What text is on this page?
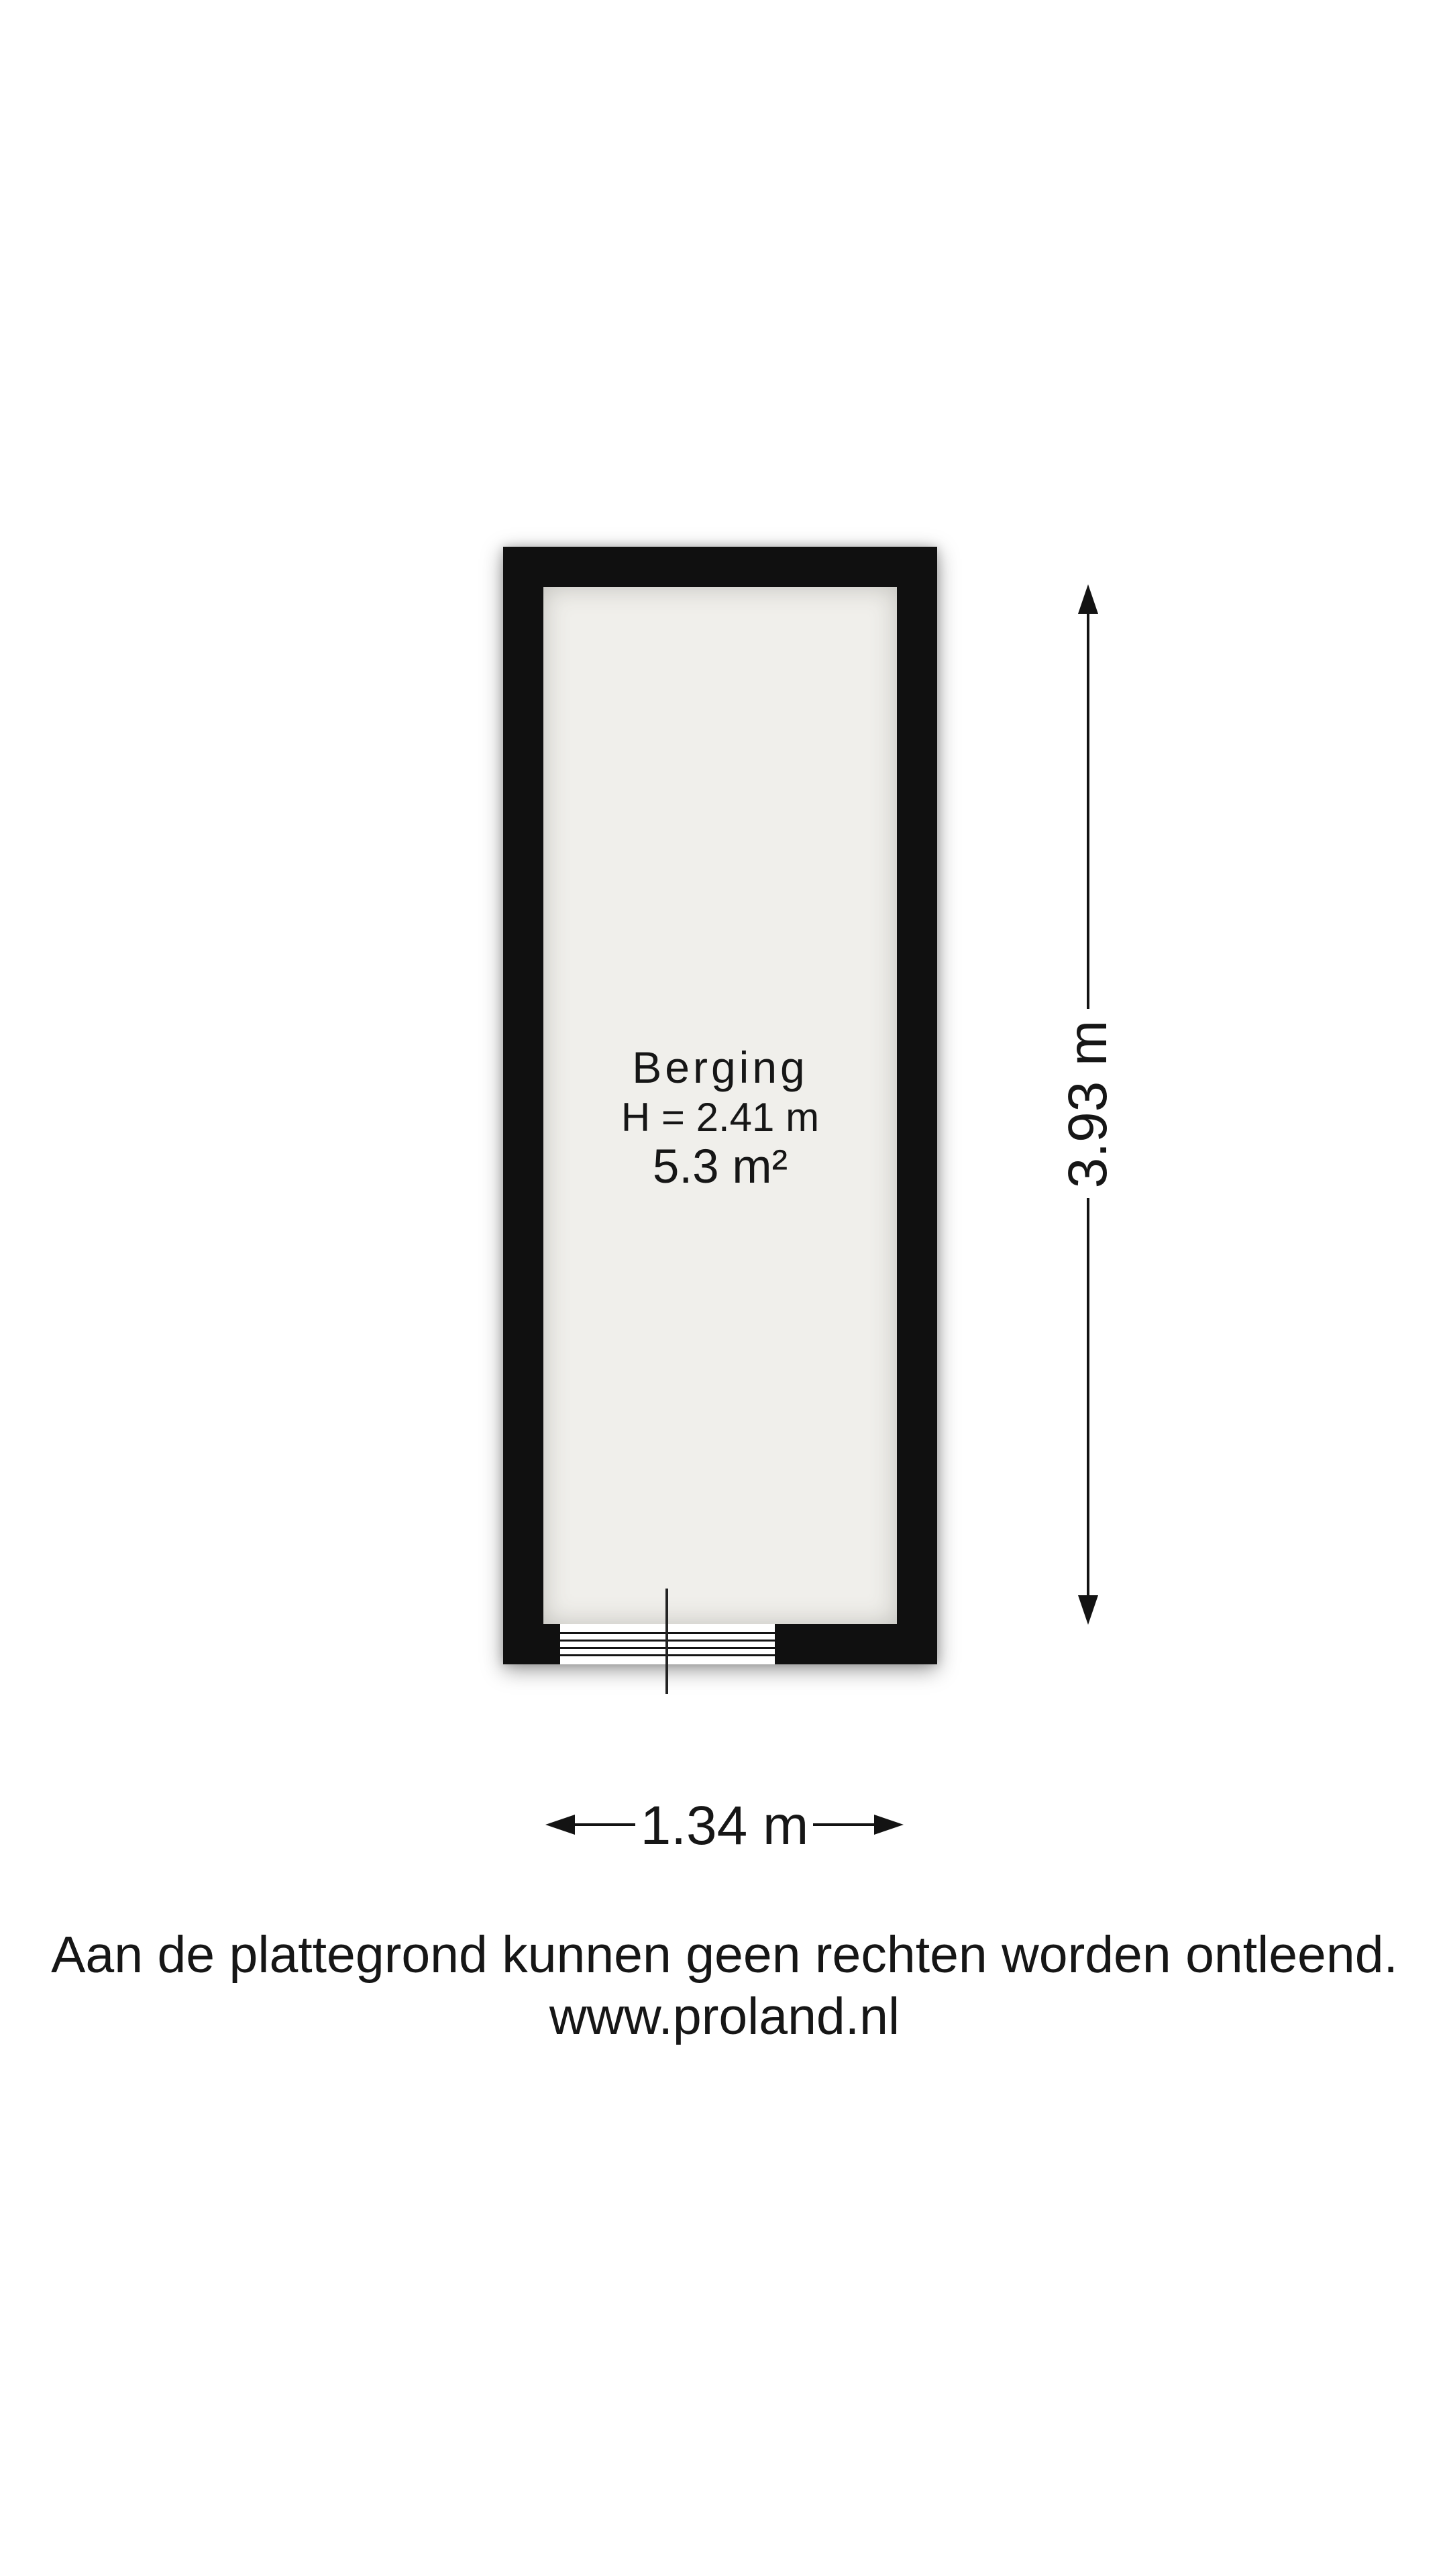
Berging
H = 2.41 m
5.3 m²	3.93 m
1.34 m
Aan de plattegrond kunnen geen rechten worden ontleend.
www.proland.nl
